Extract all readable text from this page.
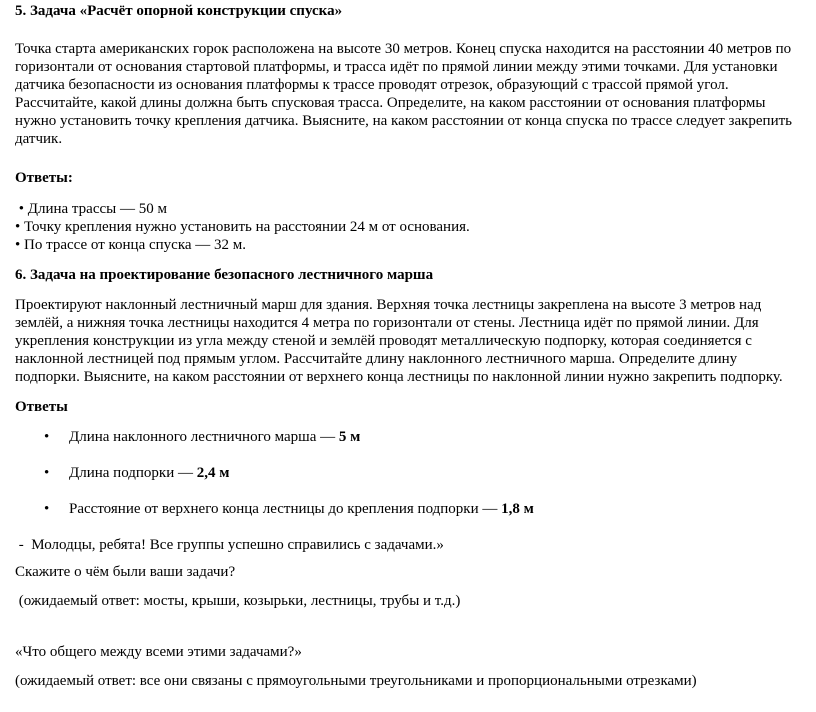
5. Задача «Расчёт опорной конструкции спуска»

Точка старта американских горок расположена на высоте 30 метров. Конец спуска находится на расстоянии 40 метров по горизонтали от основания стартовой платформы, и трасса идёт по прямой линии между этими точками. Для установки датчика безопасности из основания платформы к трассе проводят отрезок, образующий с трассой прямой угол. Рассчитайте, какой длины должна быть спусковая трасса. Определите, на каком расстоянии от основания платформы нужно установить точку крепления датчика. Выясните, на каком расстоянии от конца спуска по трассе следует закрепить датчик.

Ответы:

• Длина трассы — 50 м

• Точку крепления нужно установить на расстоянии 24 м от основания.

• По трассе от конца спуска — 32 м.

6. Задача на проектирование безопасного лестничного марша

Проектируют наклонный лестничный марш для здания. Верхняя точка лестницы закреплена на высоте 3 метров над землёй, а нижняя точка лестницы находится 4 метра по горизонтали от стены. Лестница идёт по прямой линии. Для укрепления конструкции из угла между стеной и землёй проводят металлическую подпорку, которая соединяется с наклонной лестницей под прямым углом. Рассчитайте длину наклонного лестничного марша. Определите длину подпорки. Выясните, на каком расстоянии от верхнего конца лестницы по наклонной линии нужно закрепить подпорку.

Ответы

• Длина наклонного лестничного марша — 5 м
• Длина подпорки — 2,4 м
• Расстояние от верхнего конца лестницы до крепления подпорки — 1,8 м

-  Молодцы, ребята! Все группы успешно справились с задачами.»

Скажите о чём были ваши задачи?

(ожидаемый ответ: мосты, крыши, козырьки, лестницы, трубы и т.д.)

«Что общего между всеми этими задачами?»

(ожидаемый ответ: все они связаны с прямоугольными треугольниками и пропорциональными отрезками)
